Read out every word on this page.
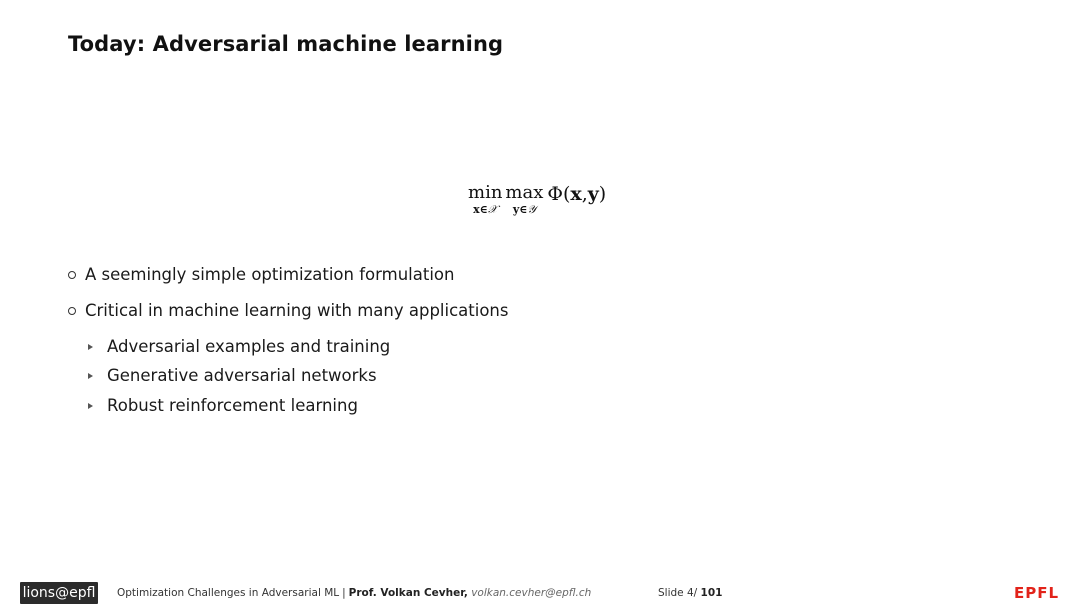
Today: Adversarial machine learning
min
x∈𝒳
max
y∈𝒴
Φ(x,y)
A seemingly simple optimization formulation
Critical in machine learning with many applications
Adversarial examples and training
Generative adversarial networks
Robust reinforcement learning
lions@epfl Optimization Challenges in Adversarial ML | Prof. Volkan Cevher, volkan.cevher@epfl.ch	Slide 4/ 101	EPFL
